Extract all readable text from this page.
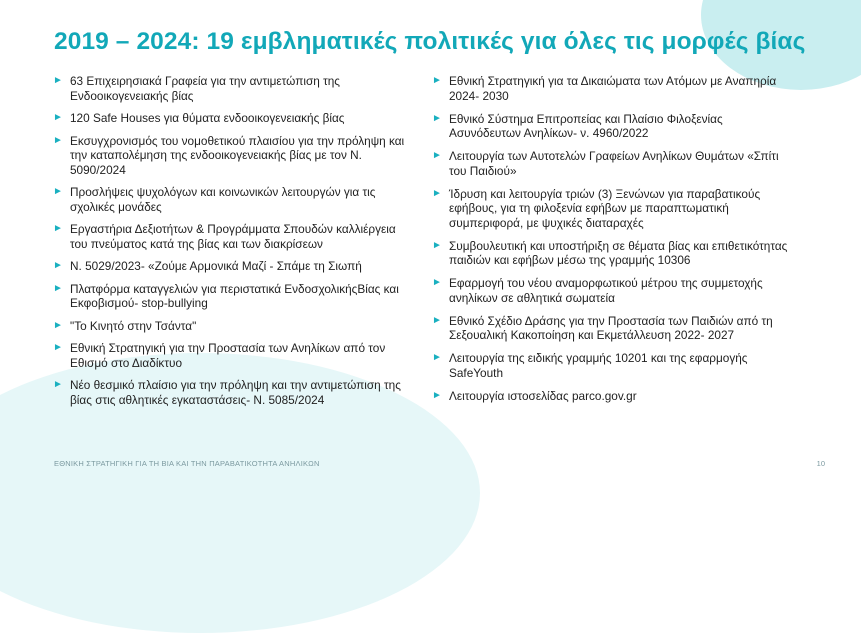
2019 – 2024: 19 εμβληματικές πολιτικές για όλες τις μορφές βίας
► 63 Επιχειρησιακά Γραφεία για την αντιμετώπιση της Ενδοοικογενειακής βίας
► 120 Safe Houses για θύματα ενδοοικογενειακής βίας
► Εκσυγχρονισμός του νομοθετικού πλαισίου για την πρόληψη και την καταπολέμηση της ενδοοικογενειακής βίας με τον Ν. 5090/2024
► Προσλήψεις ψυχολόγων και κοινωνικών λειτουργών για τις σχολικές μονάδες
► Εργαστήρια Δεξιοτήτων & Προγράμματα Σπουδών καλλιέργεια του πνεύματος κατά της βίας και των διακρίσεων
► Ν. 5029/2023- «Ζούμε Αρμονικά Μαζί - Σπάμε τη Σιωπή
► Πλατφόρμα καταγγελιών για περιστατικά ΕνδοσχολικήςΒίας και Εκφοβισμού- stop-bullying
► "Το Κινητό στην Τσάντα"
► Εθνική Στρατηγική για την Προστασία των Ανηλίκων από τον Εθισμό στο Διαδίκτυο
► Νέο θεσμικό πλαίσιο για την πρόληψη και την αντιμετώπιση της βίας στις αθλητικές εγκαταστάσεις- Ν. 5085/2024
► Εθνική Στρατηγική για τα Δικαιώματα των Ατόμων με Αναπηρία 2024- 2030
► Εθνικό Σύστημα Επιτροπείας και Πλαίσιο Φιλοξενίας Ασυνόδευτων Ανηλίκων- ν. 4960/2022
► Λειτουργία των Αυτοτελών Γραφείων Ανηλίκων Θυμάτων «Σπίτι του Παιδιού»
► Ίδρυση και λειτουργία τριών (3) Ξενώνων για παραβατικούς εφήβους, για τη φιλοξενία εφήβων με παραπτωματική συμπεριφορά, με ψυχικές διαταραχές
► Συμβουλευτική και υποστήριξη σε θέματα βίας και επιθετικότητας παιδιών και εφήβων μέσω της γραμμής 10306
► Εφαρμογή του νέου αναμορφωτικού μέτρου της συμμετοχής ανηλίκων σε αθλητικά σωματεία
► Εθνικό Σχέδιο Δράσης για την Προστασία των Παιδιών από τη Σεξουαλική Κακοποίηση και Εκμετάλλευση 2022- 2027
► Λειτουργία της ειδικής γραμμής 10201 και της εφαρμογής SafeYouth
► Λειτουργία ιστοσελίδας parco.gov.gr
ΕΘΝΙΚΗ ΣΤΡΑΤΗΓΙΚΗ ΓΙΑ ΤΗ ΒΙΑ ΚΑΙ ΤΗΝ ΠΑΡΑΒΑΤΙΚΟΤΗΤΑ ΑΝΗΛΙΚΩΝ	10
